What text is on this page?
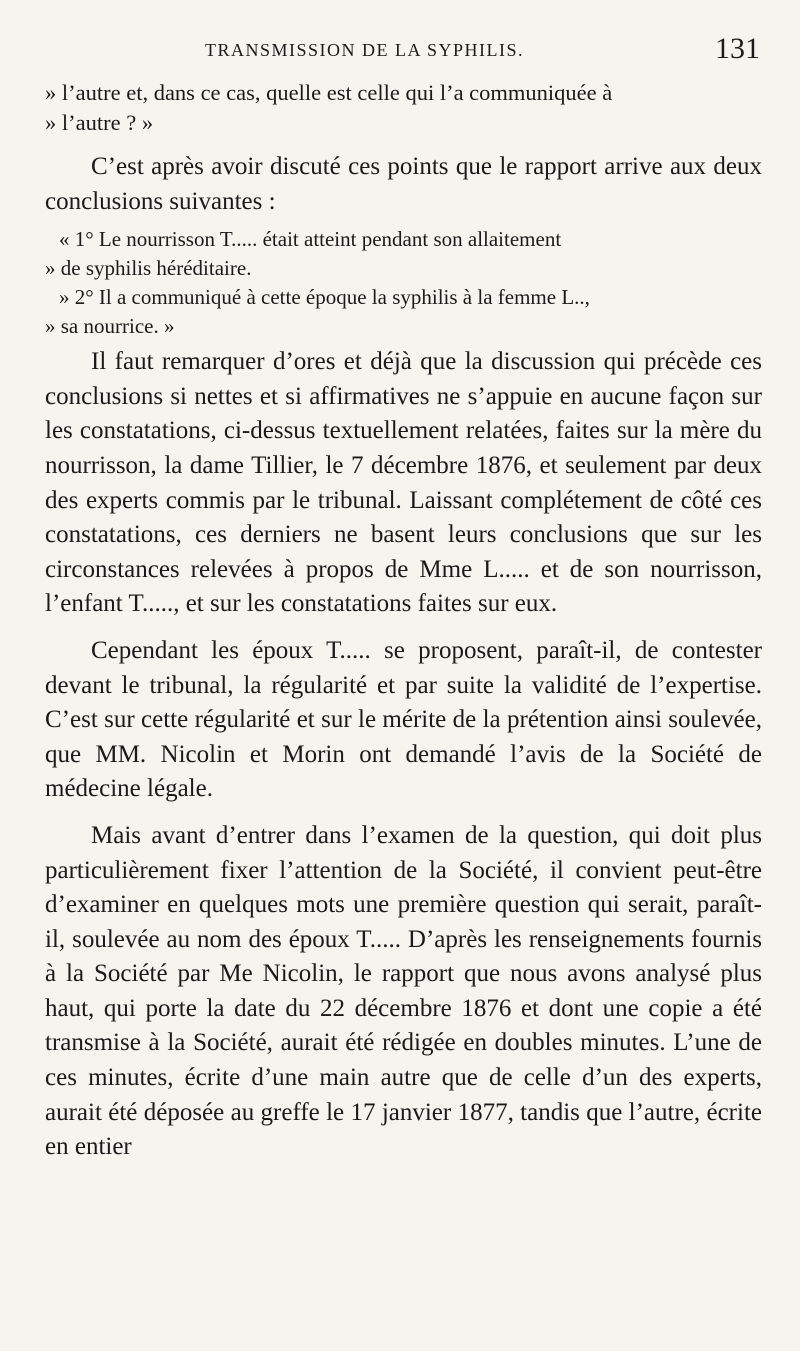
TRANSMISSION DE LA SYPHILIS.	131
» l’autre et, dans ce cas, quelle est celle qui l’a communiquée à
» l’autre ? »

C’est après avoir discuté ces points que le rapport arrive aux deux conclusions suivantes :

« 1° Le nourrisson T..... était atteint pendant son allaitement
» de syphilis héréditaire.
» 2° Il a communiqué à cette époque la syphilis à la femme L..,
» sa nourrice. »

Il faut remarquer d’ores et déjà que la discussion qui précède ces conclusions si nettes et si affirmatives ne s’appuie en aucune façon sur les constatations, ci-dessus textuellement relatées, faites sur la mère du nourrisson, la dame Tillier, le 7 décembre 1876, et seulement par deux des experts commis par le tribunal. Laissant complétement de côté ces constatations, ces derniers ne basent leurs conclusions que sur les circonstances relevées à propos de Mme L..... et de son nourrisson, l’enfant T....., et sur les constatations faites sur eux.

Cependant les époux T..... se proposent, paraît-il, de contester devant le tribunal, la régularité et par suite la validité de l’expertise. C’est sur cette régularité et sur le mérite de la prétention ainsi soulevée, que MM. Nicolin et Morin ont demandé l’avis de la Société de médecine légale.

Mais avant d’entrer dans l’examen de la question, qui doit plus particulièrement fixer l’attention de la Société, il convient peut-être d’examiner en quelques mots une première question qui serait, paraît-il, soulevée au nom des époux T..... D’après les renseignements fournis à la Société par Me Nicolin, le rapport que nous avons analysé plus haut, qui porte la date du 22 décembre 1876 et dont une copie a été transmise à la Société, aurait été rédigée en doubles minutes. L’une de ces minutes, écrite d’une main autre que de celle d’un des experts, aurait été déposée au greffe le 17 janvier 1877, tandis que l’autre, écrite en entier
